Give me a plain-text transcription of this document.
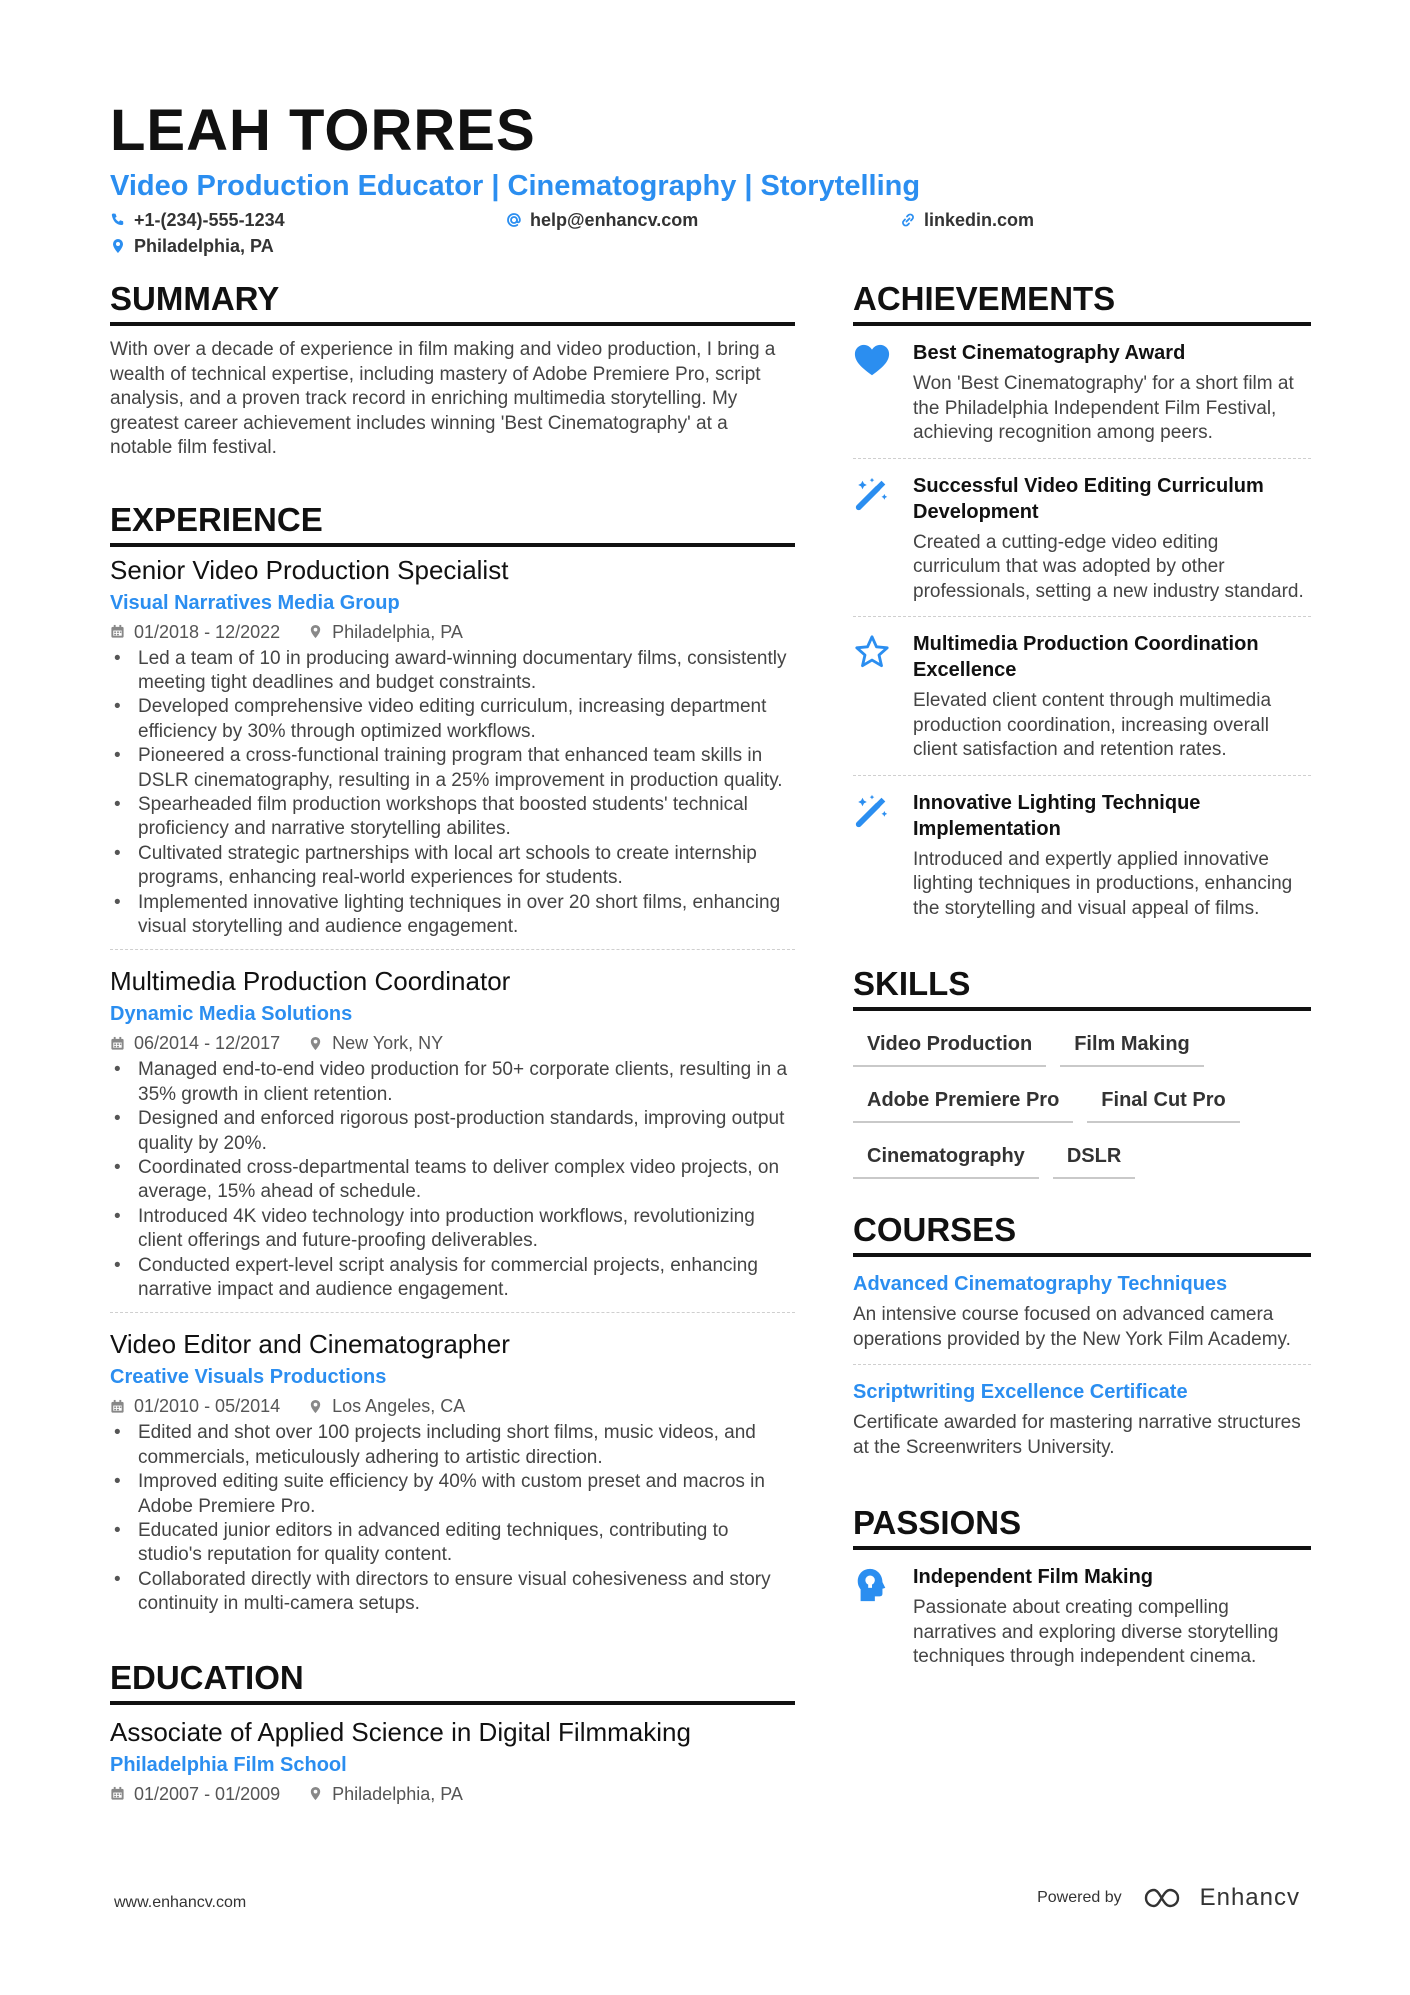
LEAH TORRES
Video Production Educator | Cinematography | Storytelling
+1-(234)-555-1234	help@enhancv.com	linkedin.com
Philadelphia, PA
SUMMARY

With over a decade of experience in film making and video production, I bring a wealth of technical expertise, including mastery of Adobe Premiere Pro, script analysis, and a proven track record in enriching multimedia storytelling. My greatest career achievement includes winning 'Best Cinematography' at a notable film festival.

EXPERIENCE
Senior Video Production Specialist
Visual Narratives Media Group
01/2018 - 12/2022	Philadelphia, PA
• Led a team of 10 in producing award-winning documentary films, consistently meeting tight deadlines and budget constraints.
• Developed comprehensive video editing curriculum, increasing department efficiency by 30% through optimized workflows.
• Pioneered a cross-functional training program that enhanced team skills in DSLR cinematography, resulting in a 25% improvement in production quality.
• Spearheaded film production workshops that boosted students' technical proficiency and narrative storytelling abilites.
• Cultivated strategic partnerships with local art schools to create internship programs, enhancing real-world experiences for students.
• Implemented innovative lighting techniques in over 20 short films, enhancing visual storytelling and audience engagement.
Multimedia Production Coordinator
Dynamic Media Solutions
06/2014 - 12/2017	New York, NY
• Managed end-to-end video production for 50+ corporate clients, resulting in a 35% growth in client retention.
• Designed and enforced rigorous post-production standards, improving output quality by 20%.
• Coordinated cross-departmental teams to deliver complex video projects, on average, 15% ahead of schedule.
• Introduced 4K video technology into production workflows, revolutionizing client offerings and future-proofing deliverables.
• Conducted expert-level script analysis for commercial projects, enhancing narrative impact and audience engagement.
Video Editor and Cinematographer
Creative Visuals Productions
01/2010 - 05/2014	Los Angeles, CA
• Edited and shot over 100 projects including short films, music videos, and commercials, meticulously adhering to artistic direction.
• Improved editing suite efficiency by 40% with custom preset and macros in Adobe Premiere Pro.
• Educated junior editors in advanced editing techniques, contributing to studio's reputation for quality content.
• Collaborated directly with directors to ensure visual cohesiveness and story continuity in multi-camera setups.
EDUCATION
Associate of Applied Science in Digital Filmmaking
Philadelphia Film School
01/2007 - 01/2009	Philadelphia, PA
ACHIEVEMENTS
Best Cinematography Award
Won 'Best Cinematography' for a short film at the Philadelphia Independent Film Festival, achieving recognition among peers.
Successful Video Editing Curriculum Development
Created a cutting-edge video editing curriculum that was adopted by other professionals, setting a new industry standard.
Multimedia Production Coordination Excellence
Elevated client content through multimedia production coordination, increasing overall client satisfaction and retention rates.
Innovative Lighting Technique Implementation
Introduced and expertly applied innovative lighting techniques in productions, enhancing the storytelling and visual appeal of films.
SKILLS
Video Production	Film Making
Adobe Premiere Pro	Final Cut Pro
Cinematography	DSLR
COURSES
Advanced Cinematography Techniques
An intensive course focused on advanced camera operations provided by the New York Film Academy.
Scriptwriting Excellence Certificate
Certificate awarded for mastering narrative structures at the Screenwriters University.
PASSIONS
Independent Film Making
Passionate about creating compelling narratives and exploring diverse storytelling techniques through independent cinema.
www.enhancv.com	Powered by	Enhancv
